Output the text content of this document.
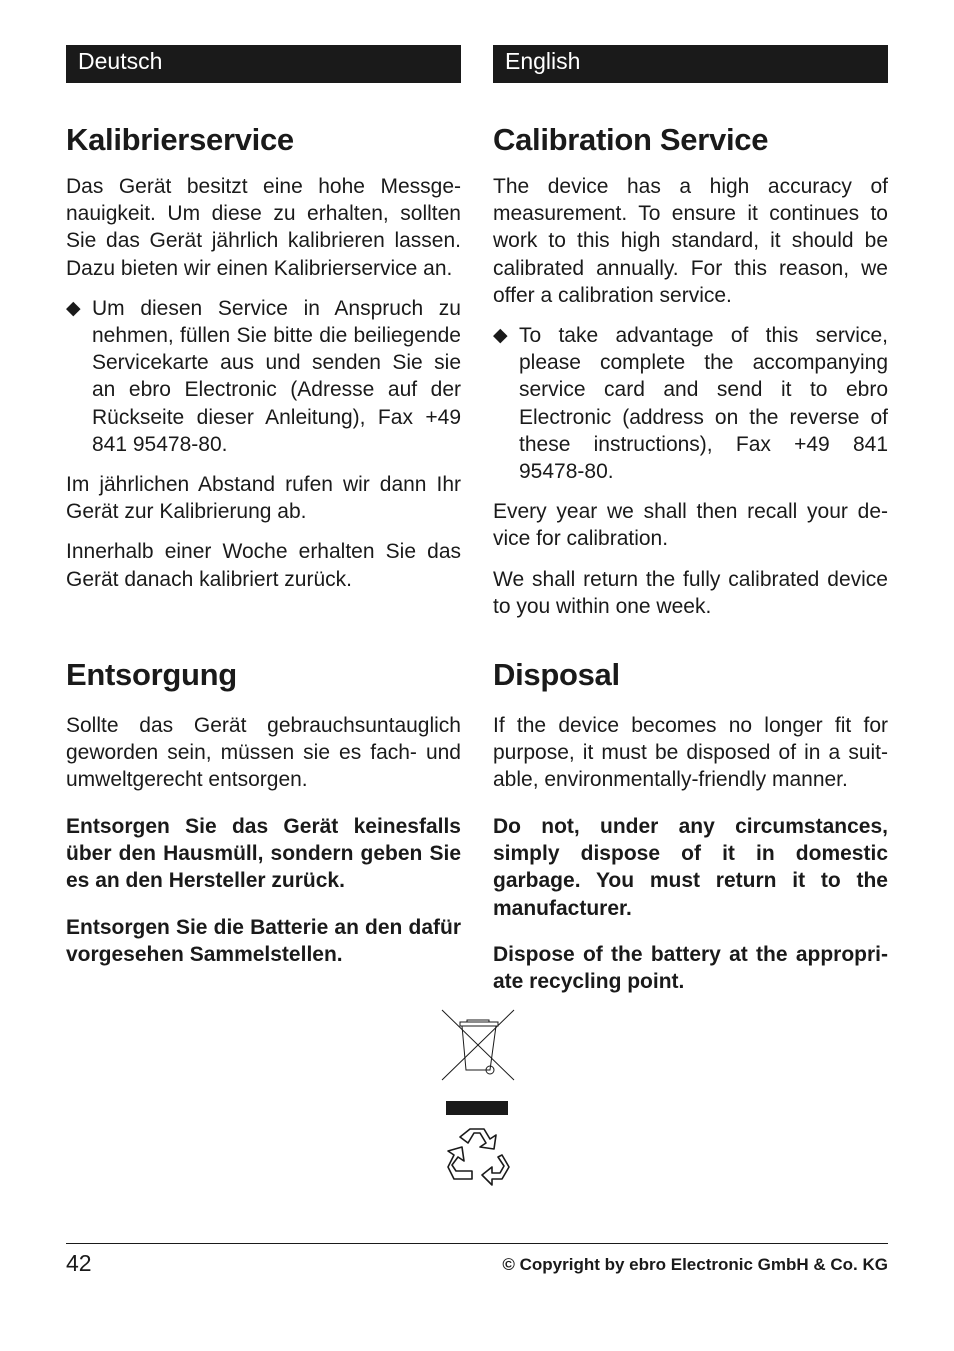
Deutsch
Kalibrierservice

Das Gerät besitzt eine hohe Messgenauigkeit. Um diese zu erhalten, sollten Sie das Gerät jährlich kalibrieren lassen. Dazu bieten wir einen Kalibrierservice an.

◆ Um diesen Service in Anspruch zu nehmen, füllen Sie bitte die beiliegende Servicekarte aus und senden Sie sie an ebro Electronic (Adresse auf der Rückseite dieser Anleitung), Fax +49 841 95478-80.

Im jährlichen Abstand rufen wir dann Ihr Gerät zur Kalibrierung ab.

Innerhalb einer Woche erhalten Sie das Gerät danach kalibriert zurück.

Entsorgung

Sollte das Gerät gebrauchsuntauglich geworden sein, müssen sie es fach- und umweltgerecht entsorgen.

Entsorgen Sie das Gerät keinesfalls über den Hausmüll, sondern geben Sie es an den Hersteller zurück.

Entsorgen Sie die Batterie an den dafür vorgesehen Sammelstellen.

English
Calibration Service

The device has a high accuracy of measurement. To ensure it continues to work to this high standard, it should be calibrated annually. For this reason, we offer a calibration service.

◆ To take advantage of this service, please complete the accompanying service card and send it to ebro Electronic (address on the reverse of these instructions), Fax +49 841 95478-80.

Every year we shall then recall your device for calibration.

We shall return the fully calibrated device to you within one week.

Disposal

If the device becomes no longer fit for purpose, it must be disposed of in a suitable, environmentally-friendly manner.

Do not, under any circumstances, simply dispose of it in domestic garbage. You must return it to the manufacturer.

Dispose of the battery at the appropriate recycling point.

42	© Copyright by ebro Electronic GmbH & Co. KG
